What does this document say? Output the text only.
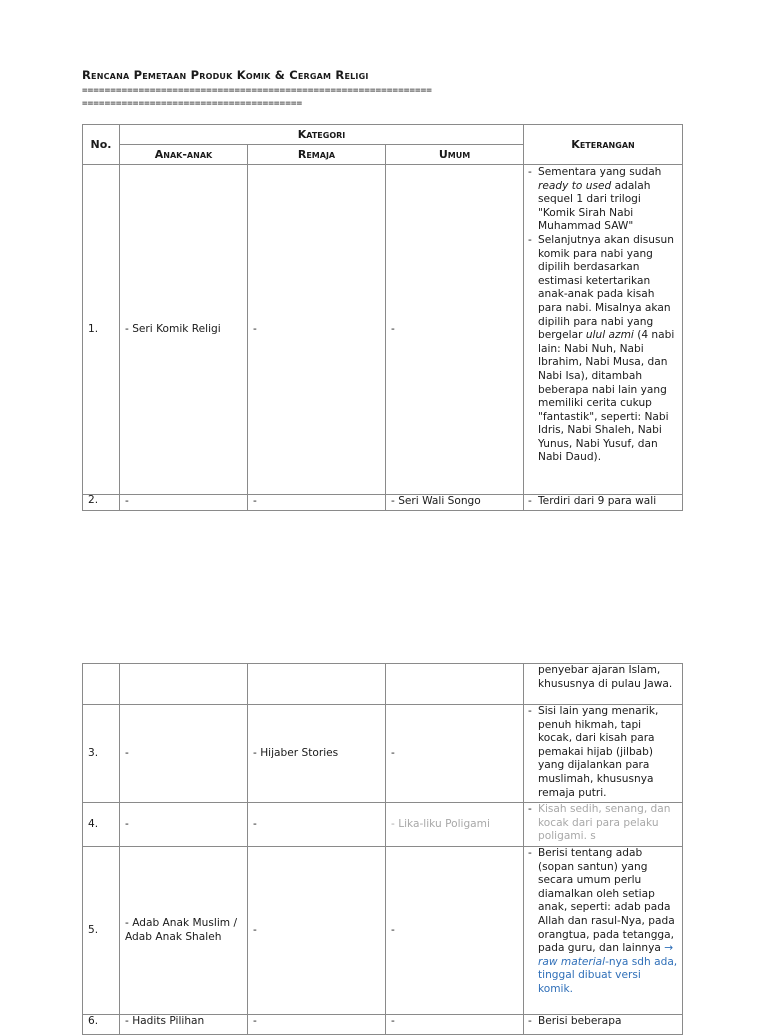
Rencana Pemetaan Produk Komik & Cergam Religi
==============================================================
=======================================
No.	Kategori			Keterangan
	Anak-anak	Remaja	Umum	
1.	- Seri Komik Religi	-	-	- Sementara yang sudah ready to used adalah sequel 1 dari trilogi "Komik Sirah Nabi Muhammad SAW"
- Selanjutnya akan disusun komik para nabi yang dipilih berdasarkan estimasi ketertarikan anak-anak pada kisah para nabi. Misalnya akan dipilih para nabi yang bergelar ulul azmi (4 nabi lain: Nabi Nuh, Nabi Ibrahim, Nabi Musa, dan Nabi Isa), ditambah beberapa nabi lain yang memiliki cerita cukup "fantastik", seperti: Nabi Idris, Nabi Shaleh, Nabi Yunus, Nabi Yusuf, dan Nabi Daud).

2.	-	-	- Seri Wali Songo	- Terdiri dari 9 para wali

				penyebar ajaran Islam, khususnya di pulau Jawa.

3.	-	- Hijaber Stories	-	- Sisi lain yang menarik, penuh hikmah, tapi kocak, dari kisah para pemakai hijab (jilbab) yang dijalankan para muslimah, khususnya remaja putri.

4.	-	-	- Lika-liku Poligami	- Kisah sedih, senang, dan kocak dari para pelaku poligami. s

5.	- Adab Anak Muslim / Adab Anak Shaleh	-	-	- Berisi tentang adab (sopan santun) yang secara umum perlu diamalkan oleh setiap anak, seperti: adab pada Allah dan rasul-Nya, pada orangtua, pada tetangga, pada guru, dan lainnya → raw material-nya sdh ada, tinggal dibuat versi komik.

6.	- Hadits Pilihan	-	-	- Berisi beberapa
